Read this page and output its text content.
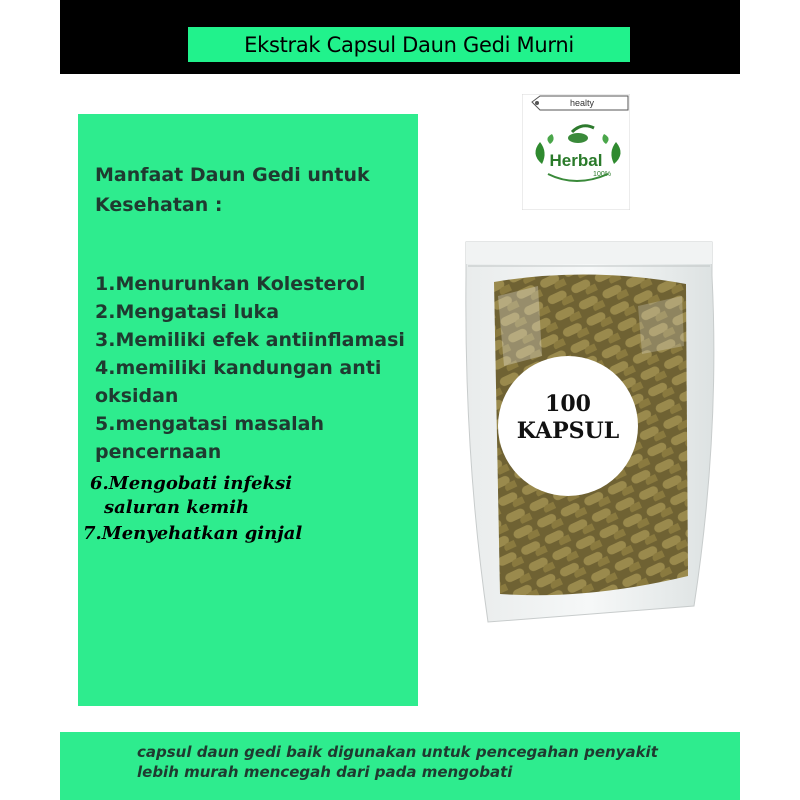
Ekstrak Capsul Daun Gedi Murni
Manfaat Daun Gedi untuk
Kesehatan :
1.Menurunkan Kolesterol
2.Mengatasi luka
3.Memiliki efek antiinflamasi
4.memiliki kandungan anti
oksidan
5.mengatasi masalah
pencernaan
6.Mengobati infeksi
saluran kemih
7.Menyehatkan ginjal
healty
Herbal
100%
100
KAPSUL
capsul daun gedi baik digunakan untuk pencegahan penyakit
lebih murah mencegah dari pada mengobati
